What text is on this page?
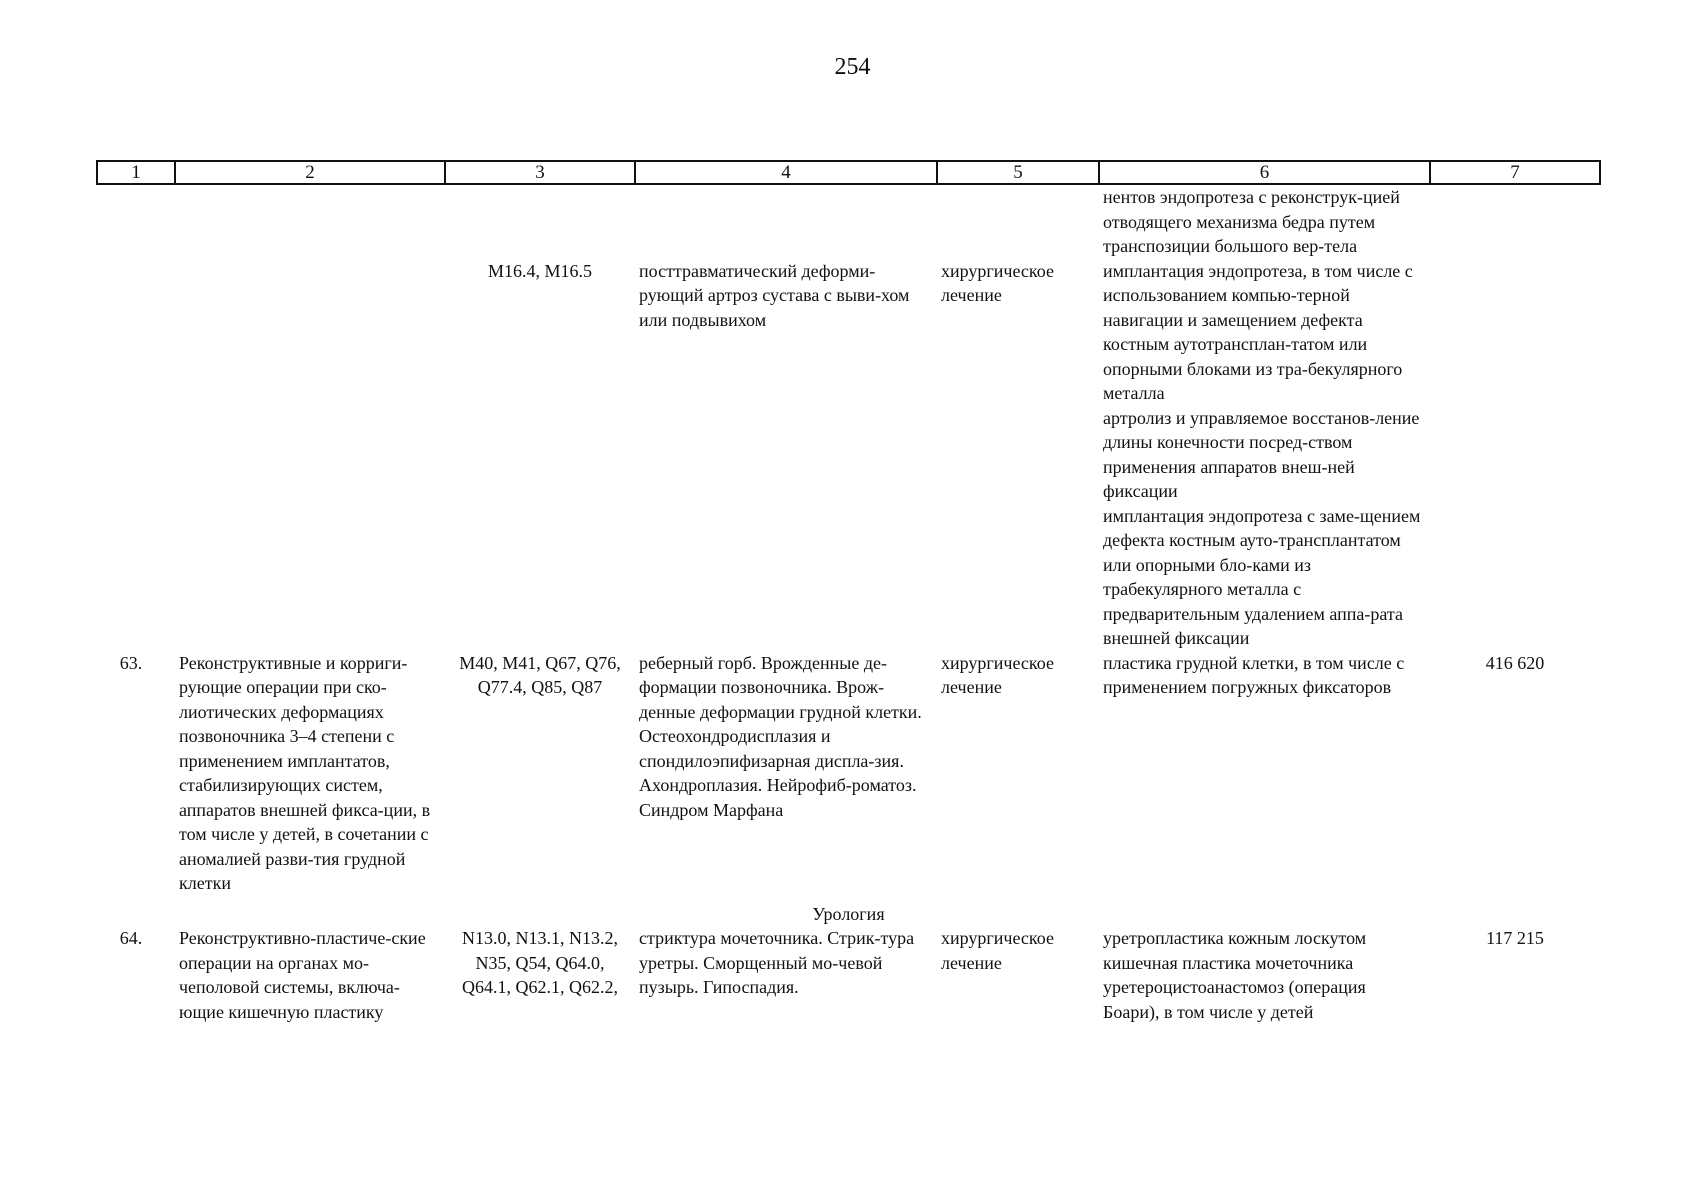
254
1	2	3	4	5	6	7
					нентов эндопротеза с реконструк-цией отводящего механизма бедра путем транспозиции большого вер-тела	
		M16.4, M16.5	посттравматический деформи-рующий артроз сустава с выви-хом или подвывихом	хирургическое лечение	имплантация эндопротеза, в том числе с использованием компью-терной навигации и замещением дефекта костным аутотрансплан-татом или опорными блоками из тра-бекулярного металла
артролиз и управляемое восстанов-ление длины конечности посред-ством применения аппаратов внеш-ней фиксации
имплантация эндопротеза с заме-щением дефекта костным ауто-трансплантатом или опорными бло-ками из трабекулярного металла с предварительным удалением аппа-рата внешней фиксации	

63.	Реконструктивные и корриги-рующие операции при ско-лиотических деформациях позвоночника 3–4 степени с применением имплантатов, стабилизирующих систем, аппаратов внешней фикса-ции, в том числе у детей, в сочетании с аномалией разви-тия грудной клетки	M40, M41, Q67, Q76, Q77.4, Q85, Q87	реберный горб. Врожденные де-формации позвоночника. Врож-денные деформации грудной клетки. Остеохондродисплазия и спондилоэпифизарная диспла-зия. Ахондроплазия. Нейрофиб-роматоз. Синдром Марфана	хирургическое лечение	пластика грудной клетки, в том числе с применением погружных фиксаторов	416 620
Урология						
64.	Реконструктивно-пластиче-ские операции на органах мо-чеполовой системы, включа-ющие кишечную пластику	N13.0, N13.1, N13.2, N35, Q54, Q64.0, Q64.1, Q62.1, Q62.2,	стриктура мочеточника. Стрик-тура уретры. Сморщенный мо-чевой пузырь. Гипоспадия.	хирургическое лечение	уретропластика кожным лоскутом
кишечная пластика мочеточника
уретероцистоанастомоз (операция Боари), в том числе у детей	117 215
